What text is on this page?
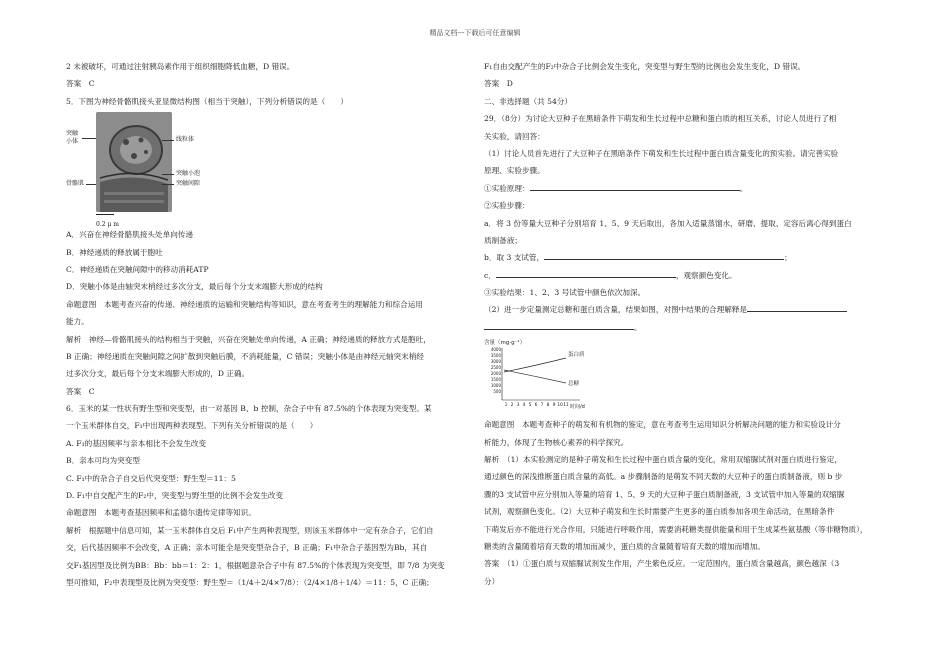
精品文档---下载后可任意编辑
2 未被破坏，可通过注射胰岛素作用于组织细胞降低血糖，D 错误。
答案　C
5．下图为神经骨骼肌接头亚显微结构图（相当于突触），下列分析错误的是（　　）
突触
小体
骨骼肌
线粒体
突触小泡
突触间隙
0.2 μ m
A．兴奋在神经骨骼肌接头处单向传递
B．神经递质的释放属于胞吐
C．神经递质在突触间隙中的移动消耗ATP
D．突触小体是由轴突末梢经过多次分支，最后每个分支末端膨大形成的结构
命题意图　本题考查兴奋的传递、神经递质的运输和突触结构等知识，意在考查考生的理解能力和综合运用
能力。
解析　神经—骨骼肌接头的结构相当于突触，兴奋在突触处单向传递，A 正确；神经递质的释放方式是胞吐，
B 正确；神经递质在突触间隙之间扩散到突触后膜，不消耗能量，C 错误；突触小体是由神经元轴突末梢经
过多次分支，最后每个分支末端膨大形成的，D 正确。
答案　C
6．玉米的某一性状有野生型和突变型，由一对基因 B、b 控制，杂合子中有 87.5%的个体表现为突变型。某
一个玉米群体自交，F₁中出现两种表现型。下列有关分析错误的是（　　）
A. F₁的基因频率与亲本相比不会发生改变
B．亲本可均为突变型
C. F₁中的杂合子自交后代突变型：野生型＝11：5
D. F₁中自交配产生的F₂中，突变型与野生型的比例不会发生改变
命题意图　本题考查基因频率和孟德尔遗传定律等知识。
解析　根据题中信息可知，某一玉米群体自交后 F₁中产生两种表现型，则该玉米群体中一定有杂合子，它们自
交，后代基因频率不会改变，A 正确；亲本可能全是突变型杂合子，B 正确；F₁中杂合子基因型为Bb，其自
交F₁基因型及比例为BB：Bb：bb＝1：2：1，根据题意杂合子中有 87.5%的个体表现为突变型，即 7/8 为突变
型可推知，F₂中表现型及比例为突变型：野生型＝（1/4＋2/4×7/8）：（2/4×1/8＋1/4）＝11：5，C 正确；
F₁自由交配产生的F₂中杂合子比例会发生变化，突变型与野生型的比例也会发生变化，D 错误。
答案　D
二、非选择题（共 54分）
29．（8分）为讨论大豆种子在黑暗条件下萌发和生长过程中总糖和蛋白质的相互关系，讨论人员进行了相
关实验，请回答：
（1）讨论人员首先进行了大豆种子在黑暗条件下萌发和生长过程中蛋白质含量变化的预实验。请完善实验
原理、实验步骤。
①实验原理：	。
②实验步骤：
a．将 3 份等量大豆种子分别培育 1、5、9 天后取出，各加入适量蒸馏水，研磨、提取、定容后离心得到蛋白
质制备液；
b．取 3 支试管，	；
c．	，观察颜色变化。
③实验结果：1、2、3 号试管中颜色依次加深。
（2）进一步定量测定总糖和蛋白质含量，结果如图，对图中结果的合理解释是
。
含量（mg·g⁻¹）
4000
3500
3000
2500
2000
1500
1000
500
1 2 3 4 5 6 7 8 9 10 11 时间/d
蛋白质
总糖
命题意图　本题考查种子的萌发和有机物的鉴定，意在考查考生运用知识分析解决问题的能力和实验设计分
析能力，体现了生物核心素养的科学探究。
解析　（1）本实验测定的是种子萌发和生长过程中蛋白质含量的变化，常用双缩脲试剂对蛋白质进行鉴定，
通过颜色的深浅推断蛋白质含量的高低。a 步骤制备的是萌发不同天数的大豆种子的蛋白质制备液，则 b 步
骤的3 支试管中应分别加入等量的培育 1、5、9 天的大豆种子蛋白质制备液，3 支试管中加入等量的双缩脲
试剂，观察颜色变化。（2）大豆种子萌发和生长时需要产生更多的蛋白质参加各项生命活动，在黑暗条件
下萌发后亦不能进行光合作用，只能进行呼吸作用，需要消耗糖类提供能量和用于生成某些氨基酸（等非糖物质），
糖类的含量随着培育天数的增加而减少，蛋白质的含量随着培育天数的增加而增加。
答案　（1）①蛋白质与双缩脲试剂发生作用，产生紫色反应。一定范围内，蛋白质含量越高，颜色越深（3
分）
